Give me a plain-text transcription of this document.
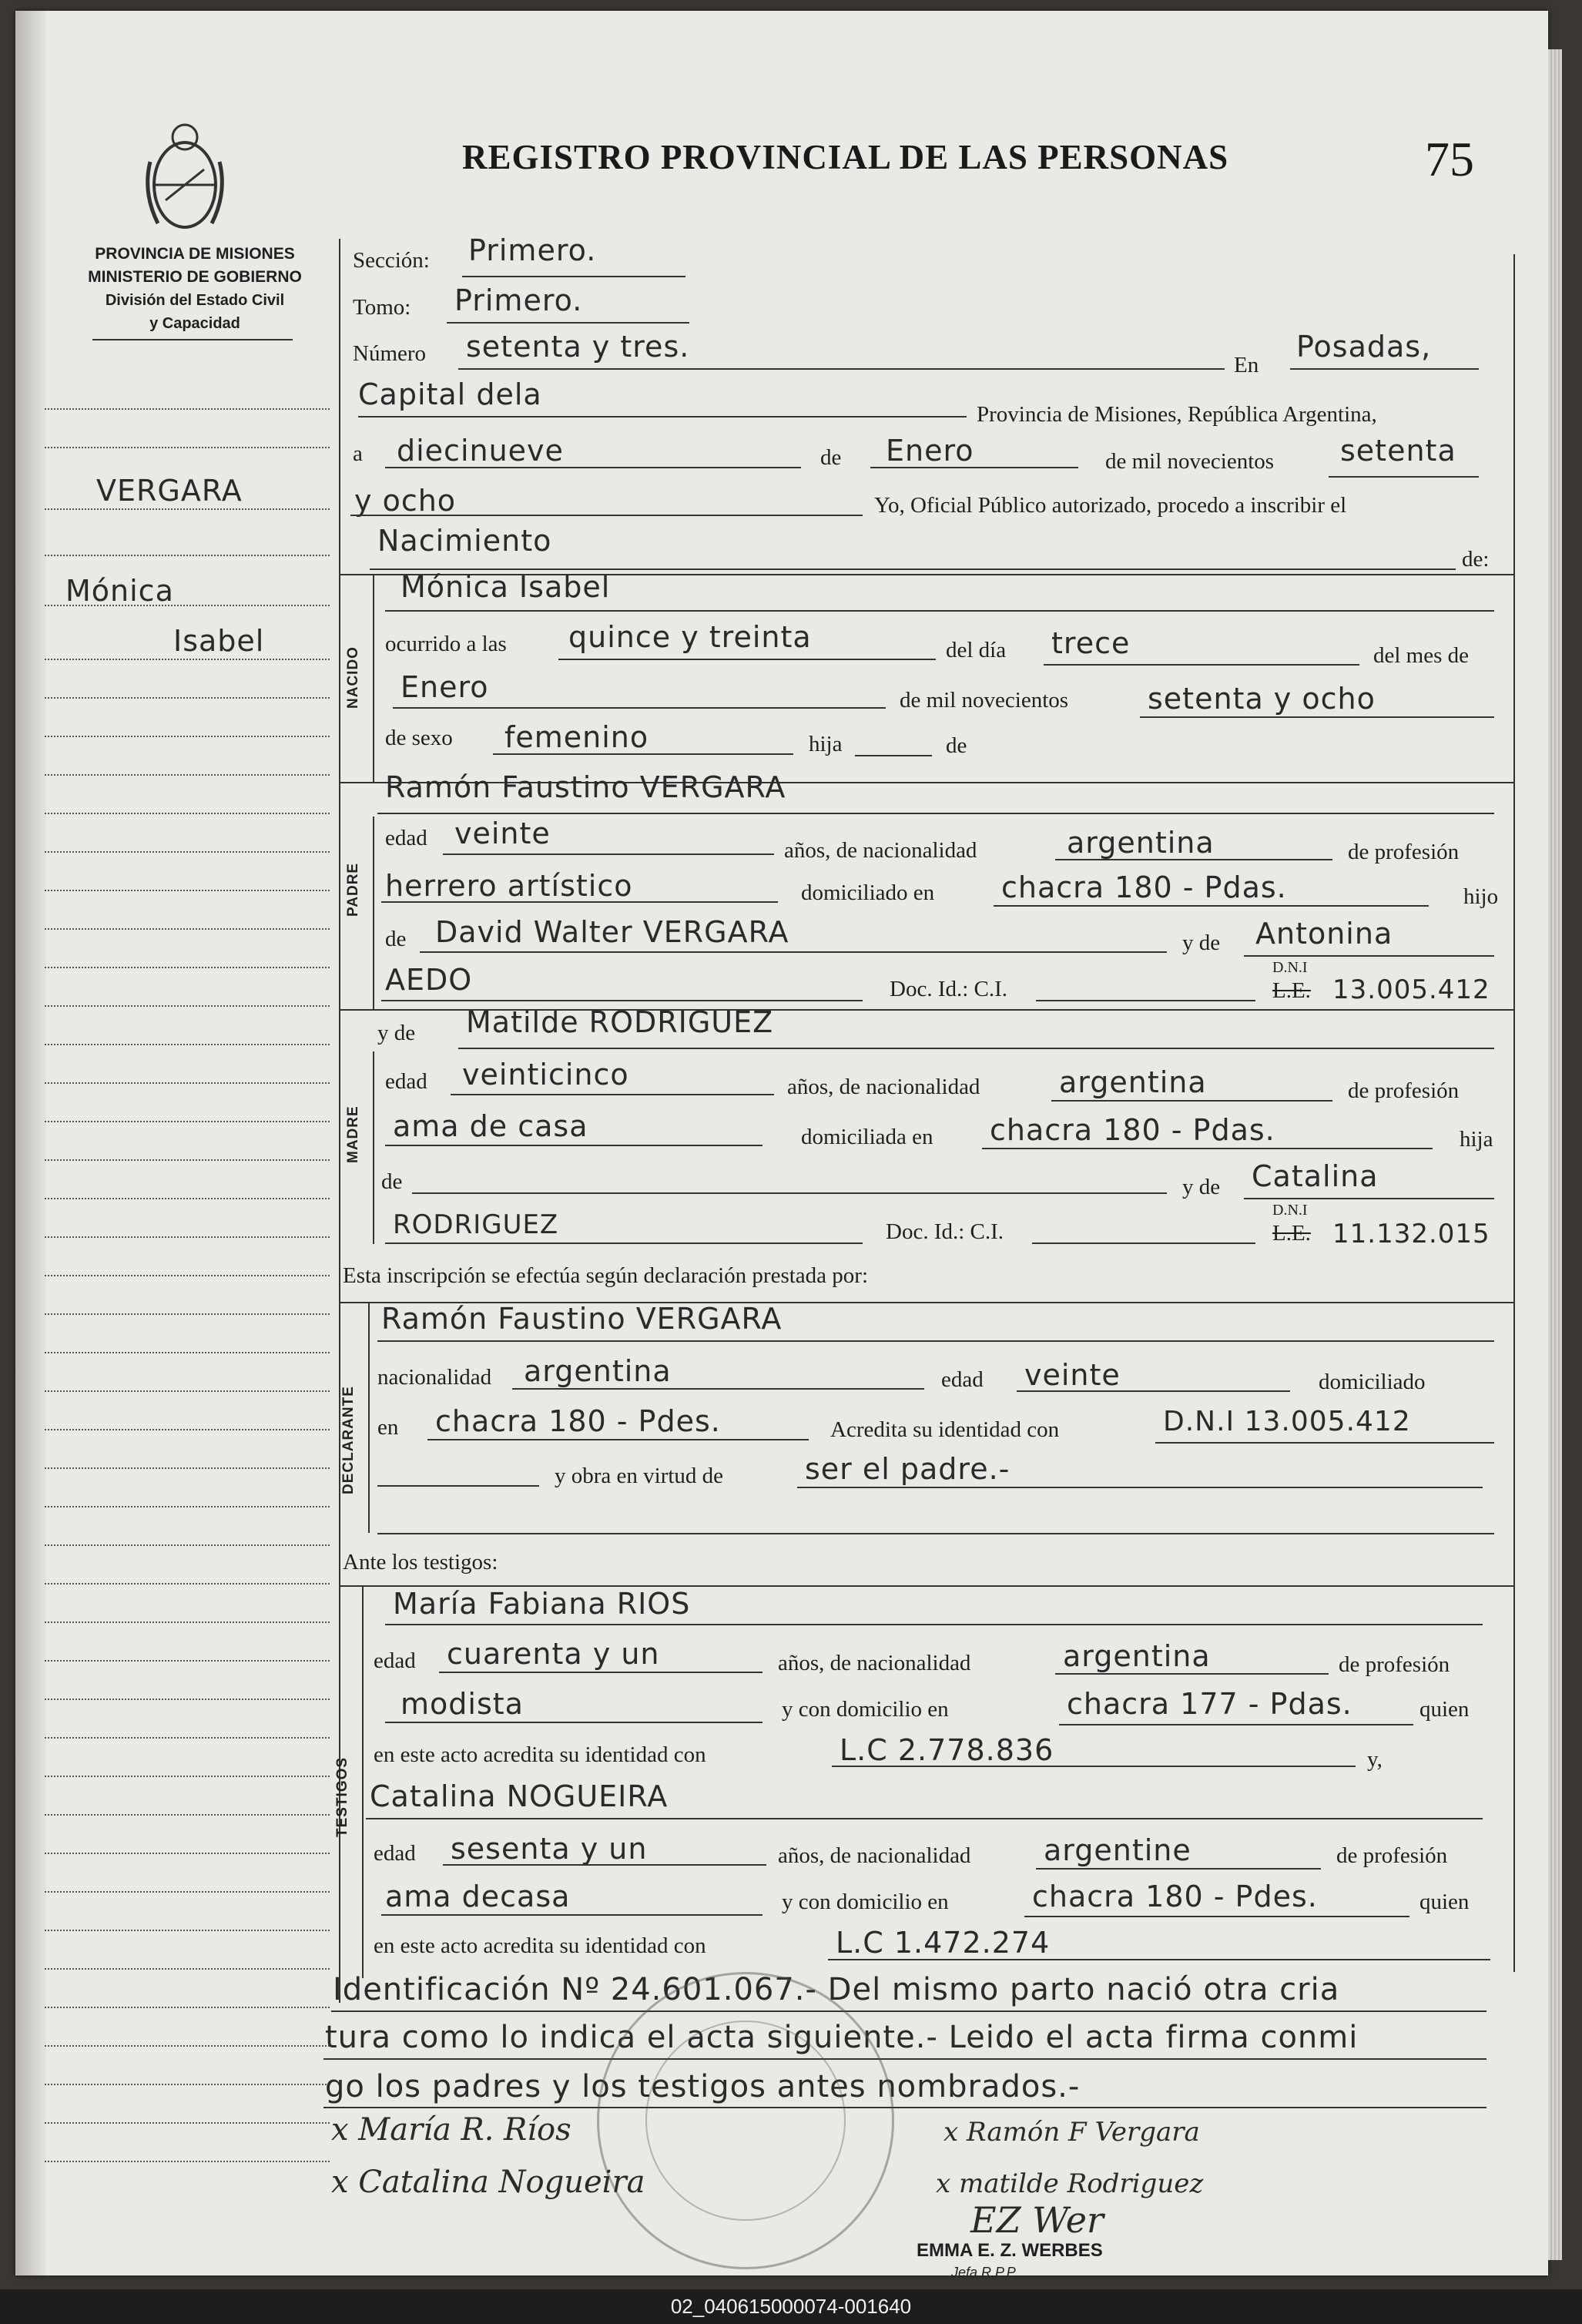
REGISTRO PROVINCIAL DE LAS PERSONAS	75
PROVINCIA DE MISIONES
MINISTERIO DE GOBIERNO
División del Estado Civil
y Capacidad
VERGARA
Mónica
Isabel
Sección: Primero.
Tomo: Primero.
Número setenta y tres.
En
Posadas,
Capital dela
Provincia de Misiones, República Argentina,
a diecinueve	de Enero	de mil novecientos setenta
y ocho	Yo, Oficial Público autorizado, procedo a inscribir el
Nacimiento
de:
NACIDO
Mónica Isabel
ocurrido a las quince y treinta	del día trece	del mes de
Enero	de mil novecientos	setenta y ocho
de sexo femenino	hija	de
Ramón Faustino VERGARA
PADRE
edad veinte	años, de nacionalidad	argentina	de profesión
herrero artístico	domiciliado en chacra 180 - Pdas.	hijo
de David Walter VERGARA	y de Antonina
AEDO	Doc. Id.: C.I.
D.N.I
L.E. 13.005.412
y de Matilde RODRIGUEZ
MADRE
edad veinticinco	años, de nacionalidad	argentina	de profesión
ama de casa	domiciliada en chacra 180 - Pdas.	hija
de	y de Catalina
RODRIGUEZ	Doc. Id.: C.I.
D.N.I
L.E. 11.132.015
Esta inscripción se efectúa según declaración prestada por:
DECLARANTE
Ramón Faustino VERGARA
nacionalidad argentina	edad veinte	domiciliado
en chacra 180 - Pdes.	Acredita su identidad con	D.N.I 13.005.412
y obra en virtud de	ser el padre.-
Ante los testigos:
TESTIGOS
María Fabiana RIOS
edad cuarenta y un	años, de nacionalidad	argentina	de profesión
modista	y con domicilio en	chacra 177 - Pdas.	quien
en este acto acredita su identidad con	L.C 2.778.836	y,
Catalina NOGUEIRA
edad sesenta y un	años, de nacionalidad argentine	de profesión
ama decasa	y con domicilio en	chacra 180 - Pdes.	quien
en este acto acredita su identidad con	L.C 1.472.274
Identificación Nº 24.601.067.- Del mismo parto nació otra cria
tura como lo indica el acta siguiente.- Leido el acta firma conmi
go los padres y los testigos antes nombrados.-
x María R. Ríos	x Ramón F Vergara
x Catalina Nogueira	x matilde Rodriguez
EZ Wer
EMMA E. Z. WERBES
Jefa R.P.P.
02_040615000074-001640
